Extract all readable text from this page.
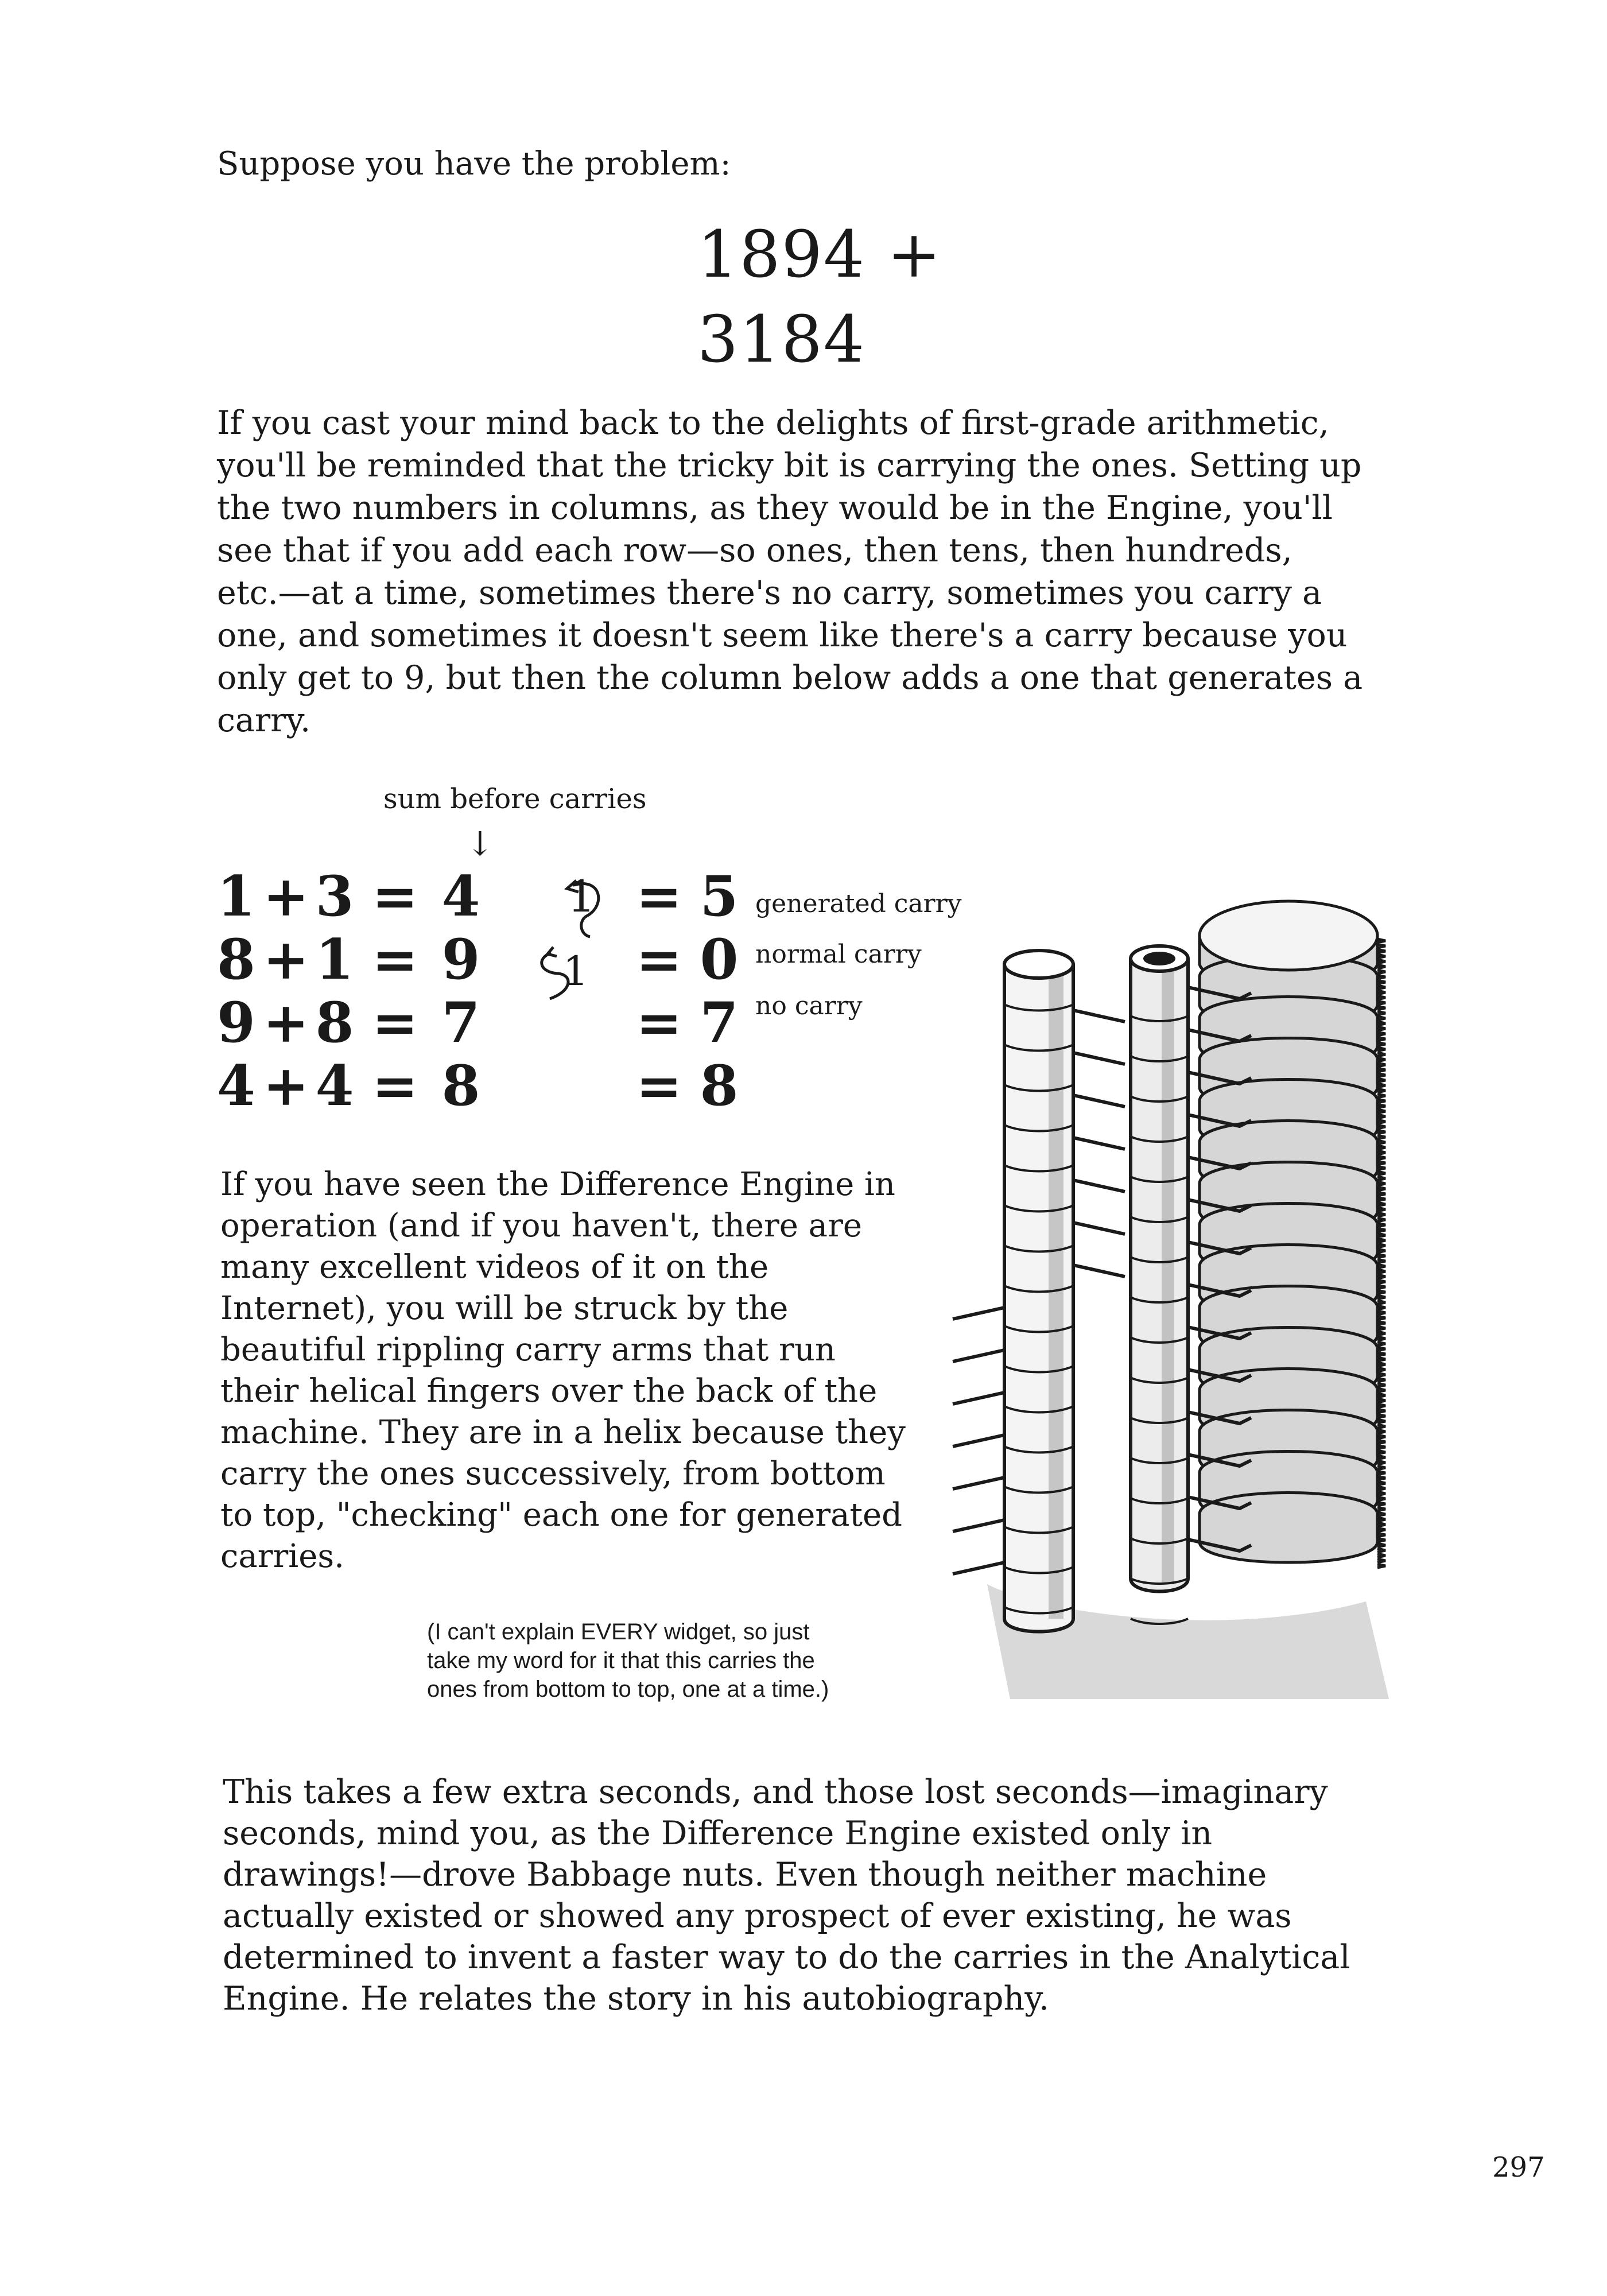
Suppose you have the problem:
1894 +
3184
If you cast your mind back to the delights of first-grade arithmetic,
you'll be reminded that the tricky bit is carrying the ones. Setting up
the two numbers in columns, as they would be in the Engine, you'll
see that if you add each row—so ones, then tens, then hundreds,
etc.—at a time, sometimes there's no carry, sometimes you carry a
one, and sometimes it doesn't seem like there's a carry because you
only get to 9, but then the column below adds a one that generates a
carry.
sum before carries
↓
1 + 3 = 4 1 = 5 generated carry
8 + 1 = 9 1 = 0 normal carry
9 + 8 = 7	= 7 no carry
4 + 4 = 8	= 8
If you have seen the Difference Engine in
operation (and if you haven't, there are
many excellent videos of it on the
Internet), you will be struck by the
beautiful rippling carry arms that run
their helical fingers over the back of the
machine. They are in a helix because they
carry the ones successively, from bottom
to top, "checking" each one for generated
carries.
(I can't explain EVERY widget, so just
take my word for it that this carries the
ones from bottom to top, one at a time.)
This takes a few extra seconds, and those lost seconds—imaginary
seconds, mind you, as the Difference Engine existed only in
drawings!—drove Babbage nuts. Even though neither machine
actually existed or showed any prospect of ever existing, he was
determined to invent a faster way to do the carries in the Analytical
Engine. He relates the story in his autobiography.
297
